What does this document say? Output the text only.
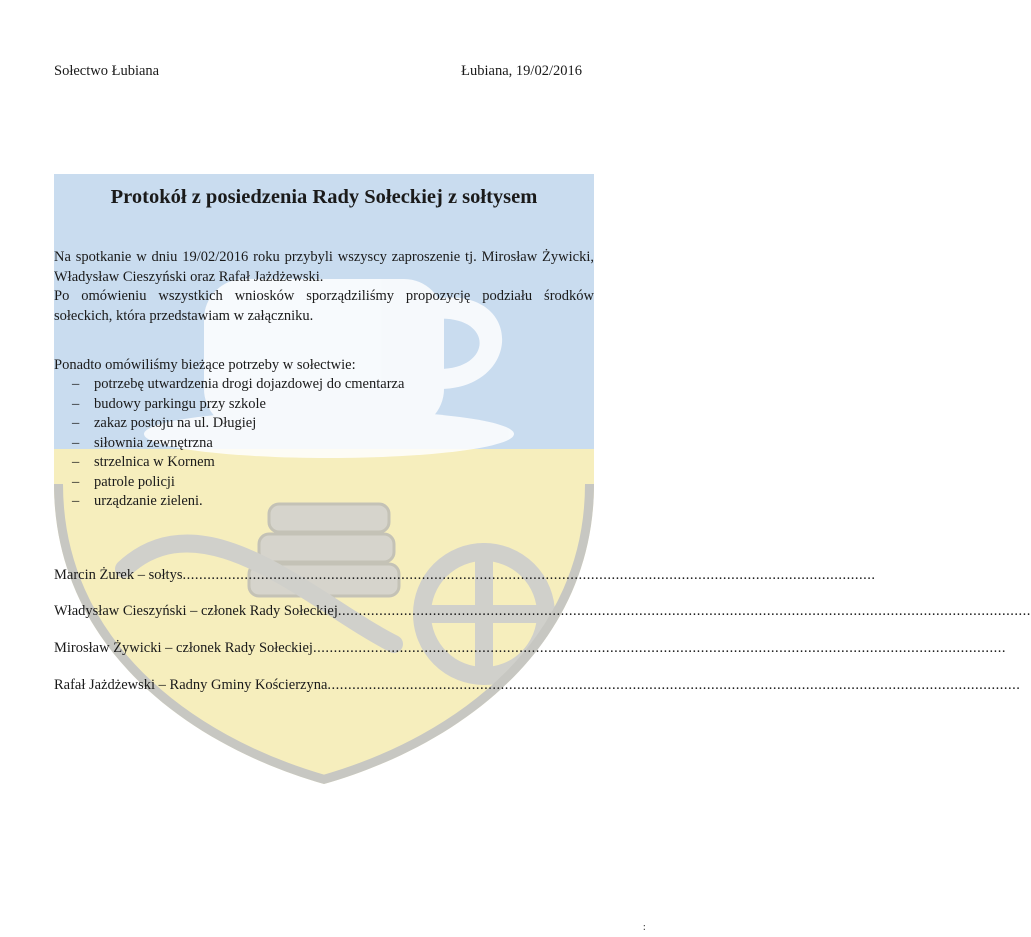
Sołectwo Łubiana	Łubiana, 19/02/2016
Protokół z posiedzenia Rady Sołeckiej z sołtysem

Na spotkanie w dniu 19/02/2016 roku przybyli wszyscy zaproszenie tj. Mirosław Żywicki, Władysław Cieszyński oraz Rafał Jażdżewski.

Po omówieniu wszystkich wniosków sporządziliśmy propozycję podziału środków sołeckich, która przedstawiam w załączniku.

Ponadto omówiliśmy bieżące potrzeby w sołectwie:

– potrzebę utwardzenia drogi dojazdowej do cmentarza
– budowy parkingu przy szkole
– zakaz postoju na ul. Długiej
– siłownia zewnętrzna
– strzelnica w Kornem
– patrole policji
– urządzanie zieleni.
Marcin Żurek – sołtys........................................................................................................................................................................
Władysław Cieszyński – członek Rady Sołeckiej........................................................................................................................................................................
Mirosław Żywicki – członek Rady Sołeckiej........................................................................................................................................................................
Rafał Jażdżewski – Radny Gminy Kościerzyna........................................................................................................................................................................
:
